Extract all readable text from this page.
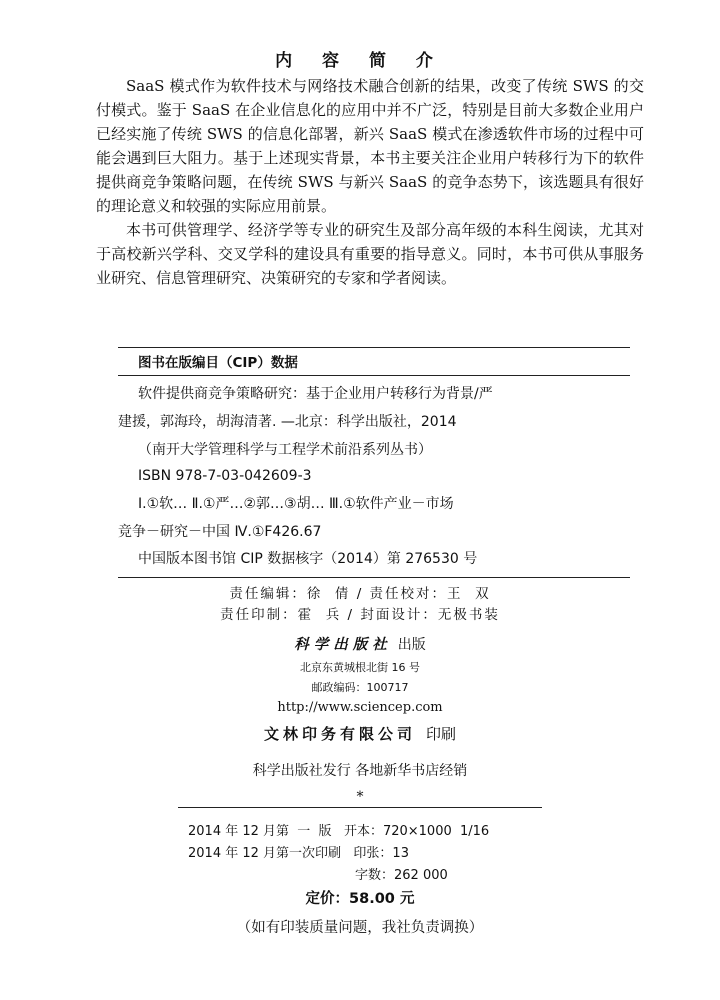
内 容 简 介

SaaS 模式作为软件技术与网络技术融合创新的结果，改变了传统 SWS 的交付模式。鉴于 SaaS 在企业信息化的应用中并不广泛，特别是目前大多数企业用户已经实施了传统 SWS 的信息化部署，新兴 SaaS 模式在渗透软件市场的过程中可能会遇到巨大阻力。基于上述现实背景，本书主要关注企业用户转移行为下的软件提供商竞争策略问题，在传统 SWS 与新兴 SaaS 的竞争态势下，该选题具有很好的理论意义和较强的实际应用前景。

本书可供管理学、经济学等专业的研究生及部分高年级的本科生阅读，尤其对于高校新兴学科、交叉学科的建设具有重要的指导意义。同时，本书可供从事服务业研究、信息管理研究、决策研究的专家和学者阅读。

图书在版编目（CIP）数据
软件提供商竞争策略研究：基于企业用户转移行为背景/严
建援，郭海玲，胡海清著. —北京：科学出版社，2014
（南开大学管理科学与工程学术前沿系列丛书）
ISBN 978-7-03-042609-3
Ⅰ.①软… Ⅱ.①严…②郭…③胡… Ⅲ.①软件产业－市场
竞争－研究－中国 Ⅳ.①F426.67
中国版本图书馆 CIP 数据核字（2014）第 276530 号
责任编辑：徐  倩 / 责任校对：王  双
责任印制：霍  兵 / 封面设计：无极书装
科学出版社 出版
北京东黄城根北街 16 号
邮政编码：100717
http://www.sciencep.com
文林印务有限公司 印刷
科学出版社发行 各地新华书店经销
*
2014 年 12 月第  一  版   开本：720×1000  1/16
2014 年 12 月第一次印刷   印张：13
字数：262 000
定价：58.00 元
（如有印装质量问题，我社负责调换）
